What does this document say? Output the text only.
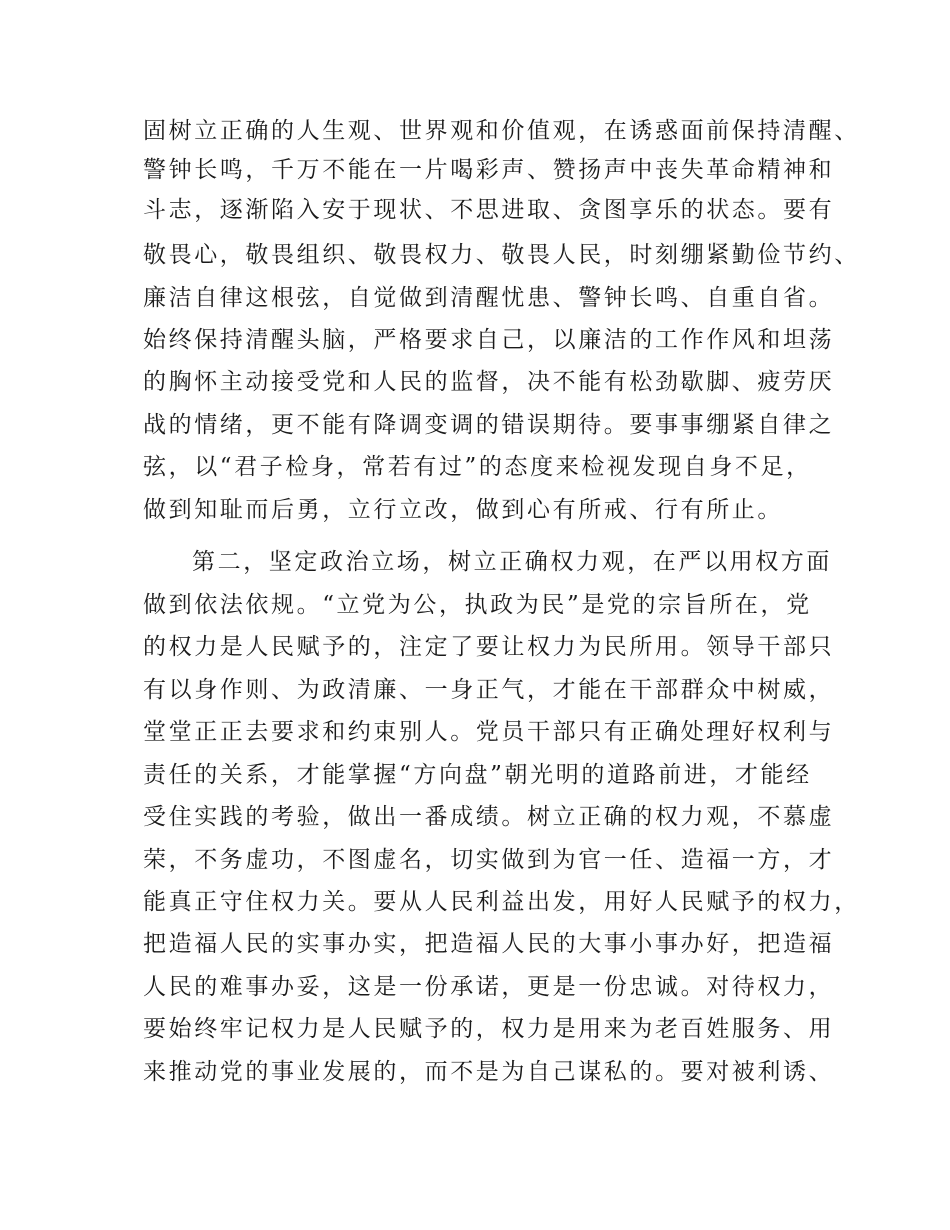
固树立正确的人生观、世界观和价值观，在诱惑面前保持清醒、
警钟长鸣，千万不能在一片喝彩声、赞扬声中丧失革命精神和
斗志，逐渐陷入安于现状、不思进取、贪图享乐的状态。要有
敬畏心，敬畏组织、敬畏权力、敬畏人民，时刻绷紧勤俭节约、
廉洁自律这根弦，自觉做到清醒忧患、警钟长鸣、自重自省。
始终保持清醒头脑，严格要求自己，以廉洁的工作作风和坦荡
的胸怀主动接受党和人民的监督，决不能有松劲歇脚、疲劳厌
战的情绪，更不能有降调变调的错误期待。要事事绷紧自律之
弦，以“君子检身，常若有过”的态度来检视发现自身不足，
做到知耻而后勇，立行立改，做到心有所戒、行有所止。
第二，坚定政治立场，树立正确权力观，在严以用权方面
做到依法依规。“立党为公，执政为民”是党的宗旨所在，党
的权力是人民赋予的，注定了要让权力为民所用。领导干部只
有以身作则、为政清廉、一身正气，才能在干部群众中树威，
堂堂正正去要求和约束别人。党员干部只有正确处理好权利与
责任的关系，才能掌握“方向盘”朝光明的道路前进，才能经
受住实践的考验，做出一番成绩。树立正确的权力观，不慕虚
荣，不务虚功，不图虚名，切实做到为官一任、造福一方，才
能真正守住权力关。要从人民利益出发，用好人民赋予的权力，
把造福人民的实事办实，把造福人民的大事小事办好，把造福
人民的难事办妥，这是一份承诺，更是一份忠诚。对待权力，
要始终牢记权力是人民赋予的，权力是用来为老百姓服务、用
来推动党的事业发展的，而不是为自己谋私的。要对被利诱、
